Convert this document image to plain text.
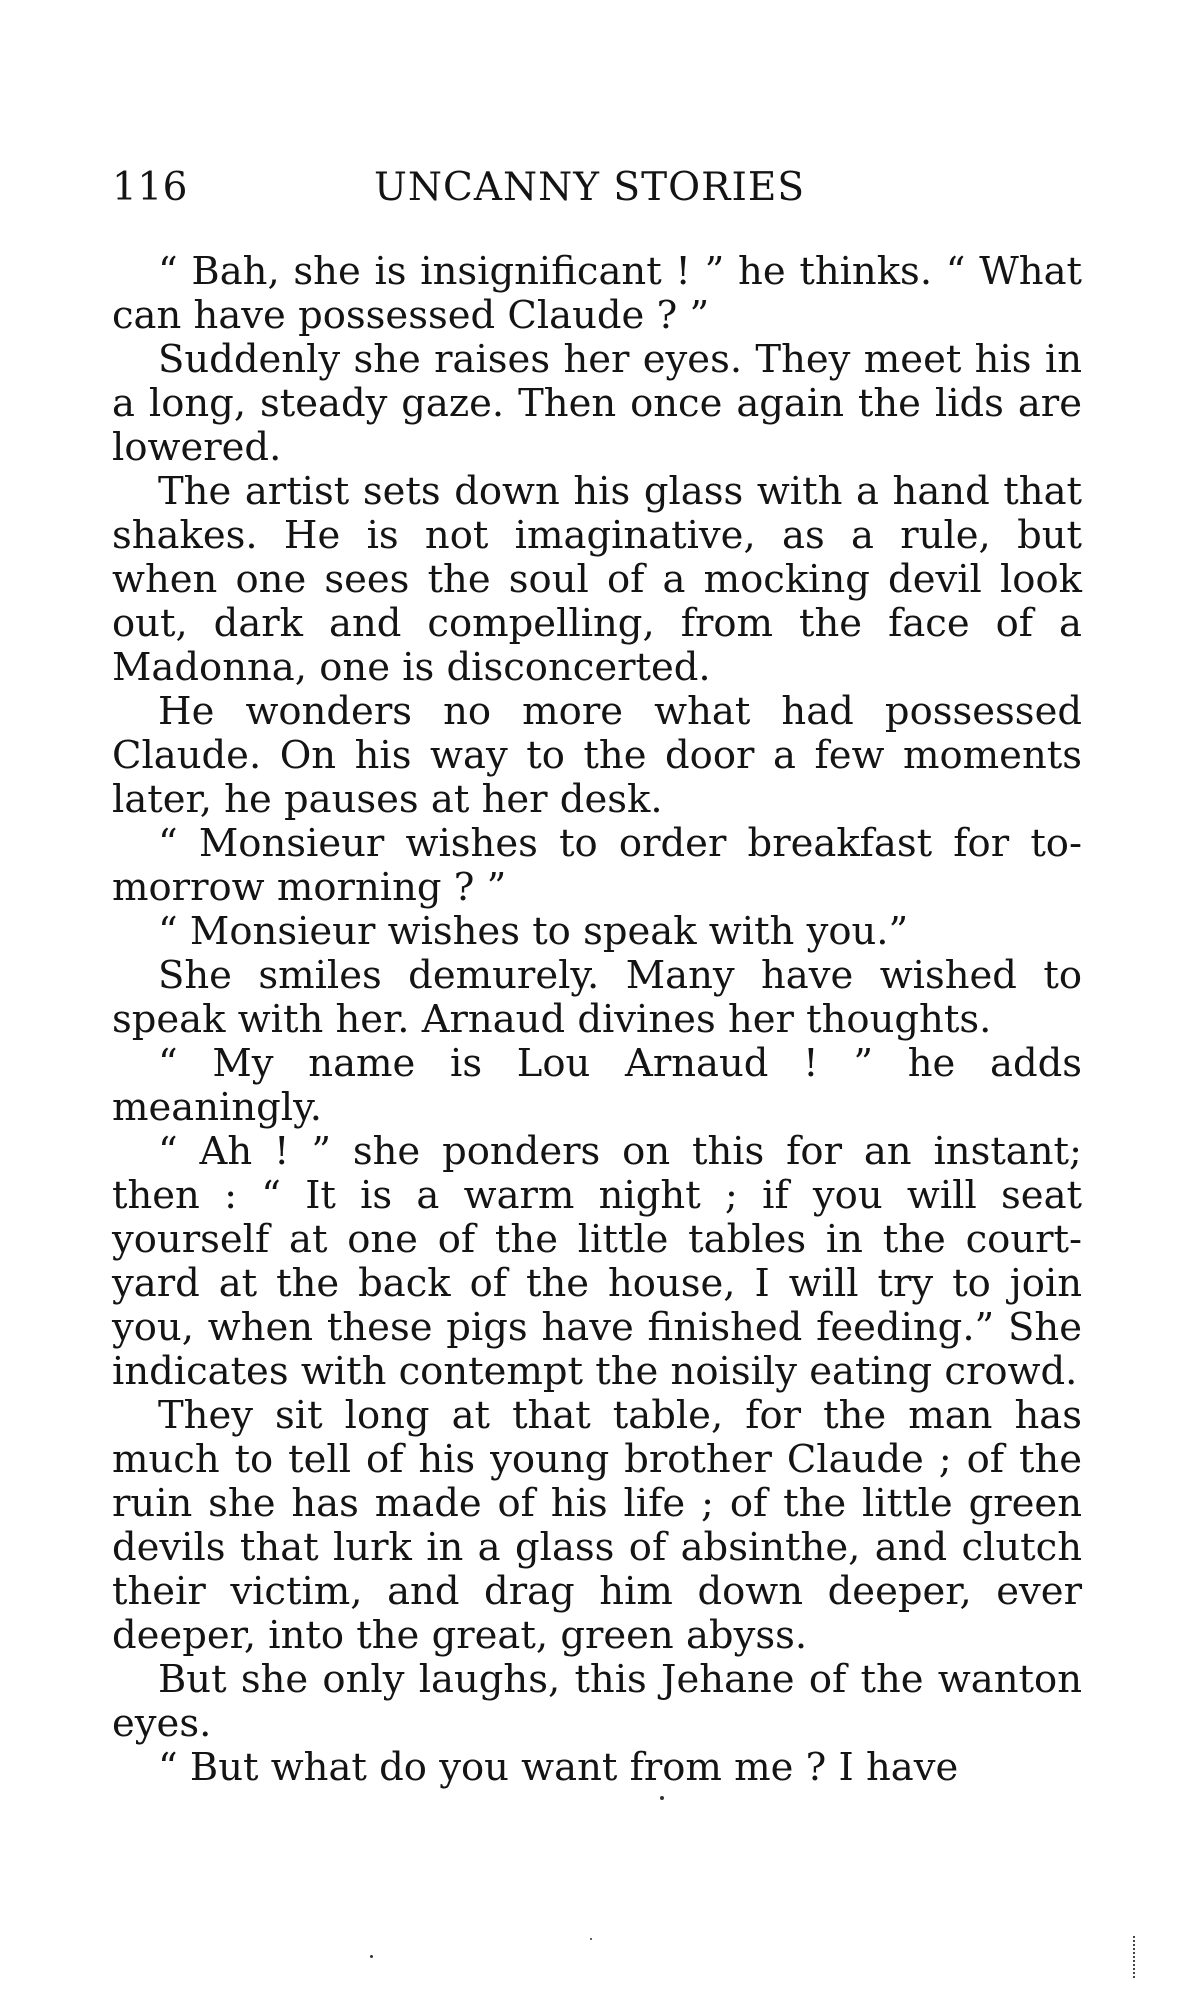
116	UNCANNY STORIES

“ Bah, she is insignificant ! ” he thinks. “ What can have possessed Claude ? ”

Suddenly she raises her eyes. They meet his in a long, steady gaze. Then once again the lids are lowered.

The artist sets down his glass with a hand that shakes. He is not imaginative, as a rule, but when one sees the soul of a mocking devil look out, dark and compelling, from the face of a Madonna, one is disconcerted.

He wonders no more what had possessed Claude. On his way to the door a few moments later, he pauses at her desk.

“ Monsieur wishes to order breakfast for to-morrow morning ? ”

“ Monsieur wishes to speak with you.”

She smiles demurely. Many have wished to speak with her. Arnaud divines her thoughts.

“ My name is Lou Arnaud ! ” he adds meaningly.

“ Ah ! ” she ponders on this for an instant; then : “ It is a warm night ; if you will seat yourself at one of the little tables in the court-yard at the back of the house, I will try to join you, when these pigs have finished feeding.” She indicates with contempt the noisily eating crowd.

They sit long at that table, for the man has much to tell of his young brother Claude ; of the ruin she has made of his life ; of the little green devils that lurk in a glass of absinthe, and clutch their victim, and drag him down deeper, ever deeper, into the great, green abyss.

But she only laughs, this Jehane of the wanton eyes.

“ But what do you want from me ? I have
